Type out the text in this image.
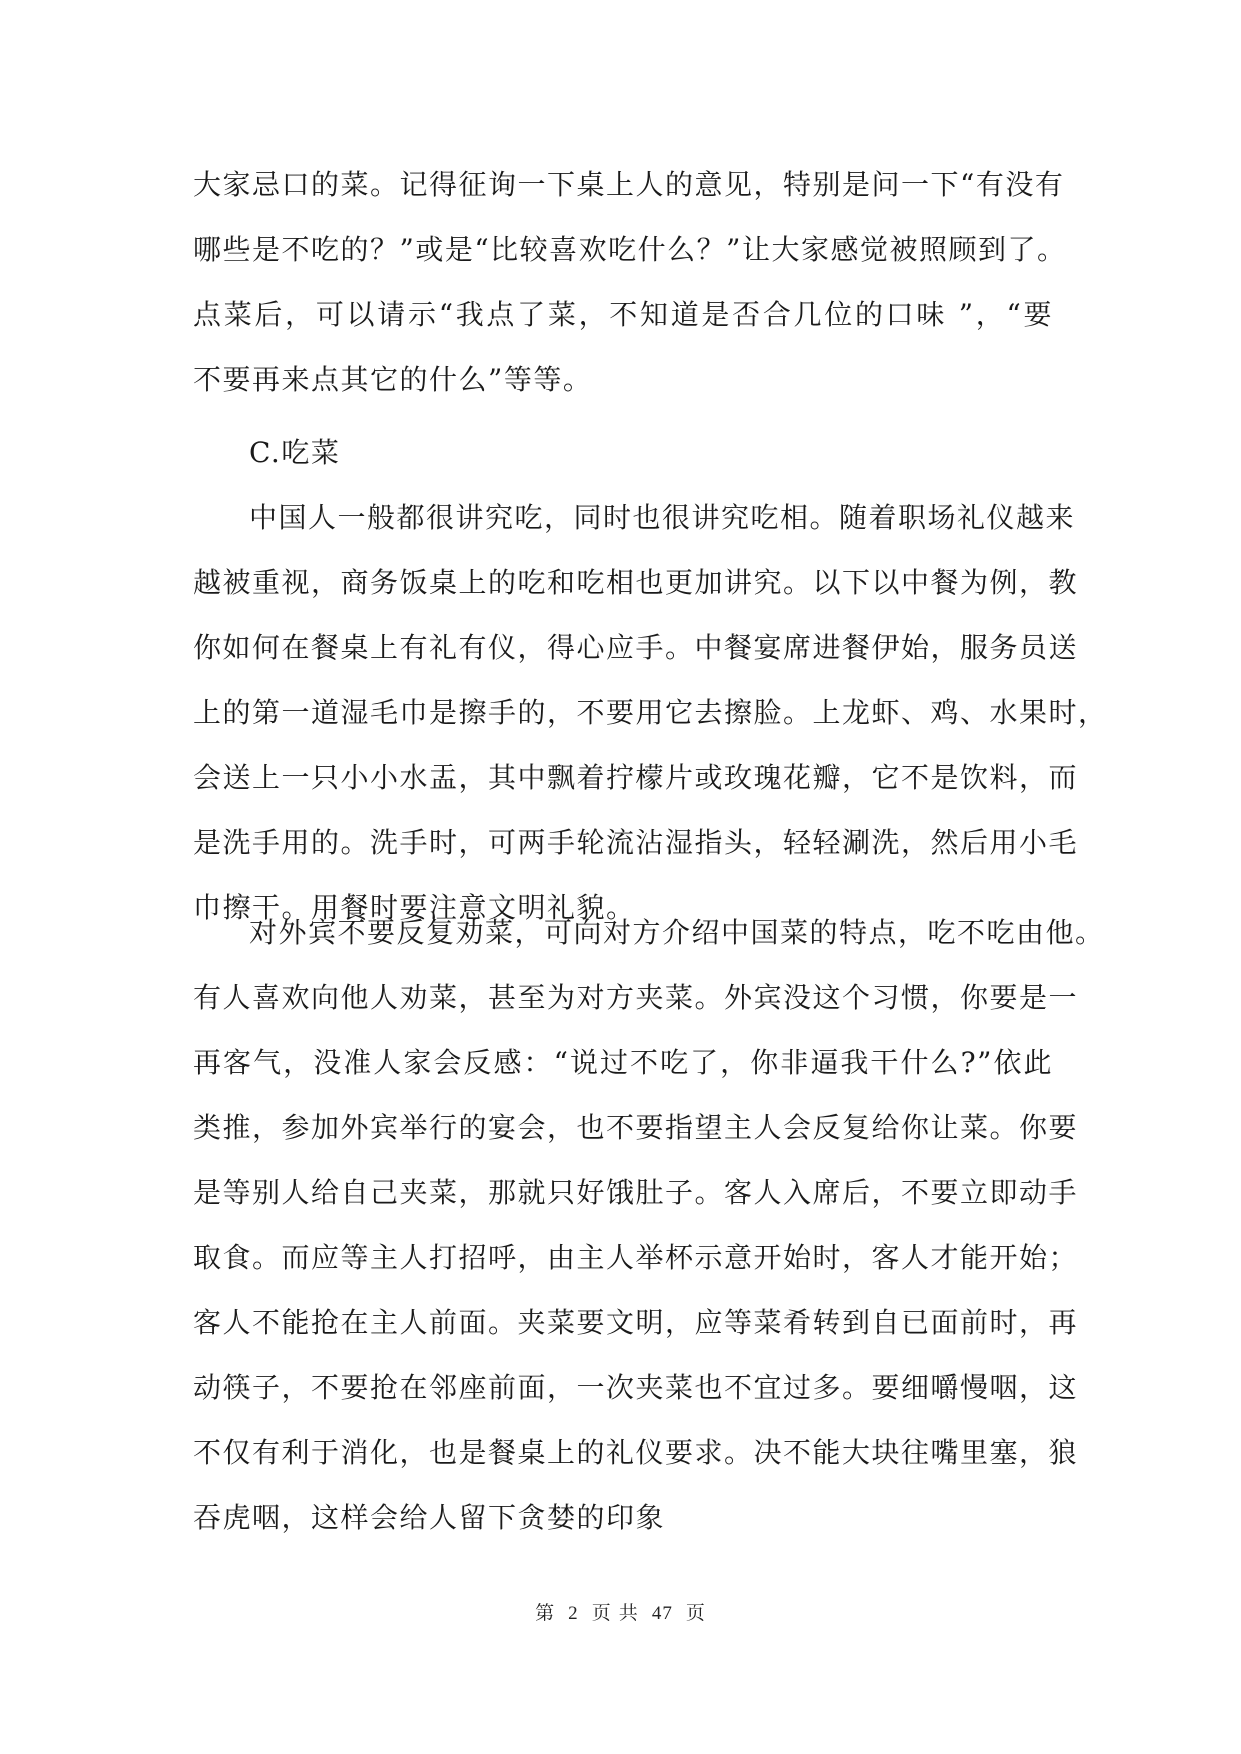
大家忌口的菜。记得征询一下桌上人的意见，特别是问一下“有没有
哪些是不吃的？”或是“比较喜欢吃什么？”让大家感觉被照顾到了。
点菜后，可以请示“我点了菜，不知道是否合几位的口味 ”，“要
不要再来点其它的什么”等等。
C.吃菜
中国人一般都很讲究吃，同时也很讲究吃相。随着职场礼仪越来
越被重视，商务饭桌上的吃和吃相也更加讲究。以下以中餐为例，教
你如何在餐桌上有礼有仪，得心应手。中餐宴席进餐伊始，服务员送
上的第一道湿毛巾是擦手的，不要用它去擦脸。上龙虾、鸡、水果时，
会送上一只小小水盂，其中飘着拧檬片或玫瑰花瓣，它不是饮料，而
是洗手用的。洗手时，可两手轮流沾湿指头，轻轻涮洗，然后用小毛
巾擦干。用餐时要注意文明礼貌。
对外宾不要反复劝菜，可向对方介绍中国菜的特点，吃不吃由他。
有人喜欢向他人劝菜，甚至为对方夹菜。外宾没这个习惯，你要是一
再客气，没准人家会反感：“说过不吃了，你非逼我干什么?”依此
类推，参加外宾举行的宴会，也不要指望主人会反复给你让菜。你要
是等别人给自己夹菜，那就只好饿肚子。客人入席后，不要立即动手
取食。而应等主人打招呼，由主人举杯示意开始时，客人才能开始；
客人不能抢在主人前面。夹菜要文明，应等菜肴转到自已面前时，再
动筷子，不要抢在邻座前面，一次夹菜也不宜过多。要细嚼慢咽，这
不仅有利于消化，也是餐桌上的礼仪要求。决不能大块往嘴里塞，狼
吞虎咽，这样会给人留下贪婪的印象
第 2 页 共 47 页
